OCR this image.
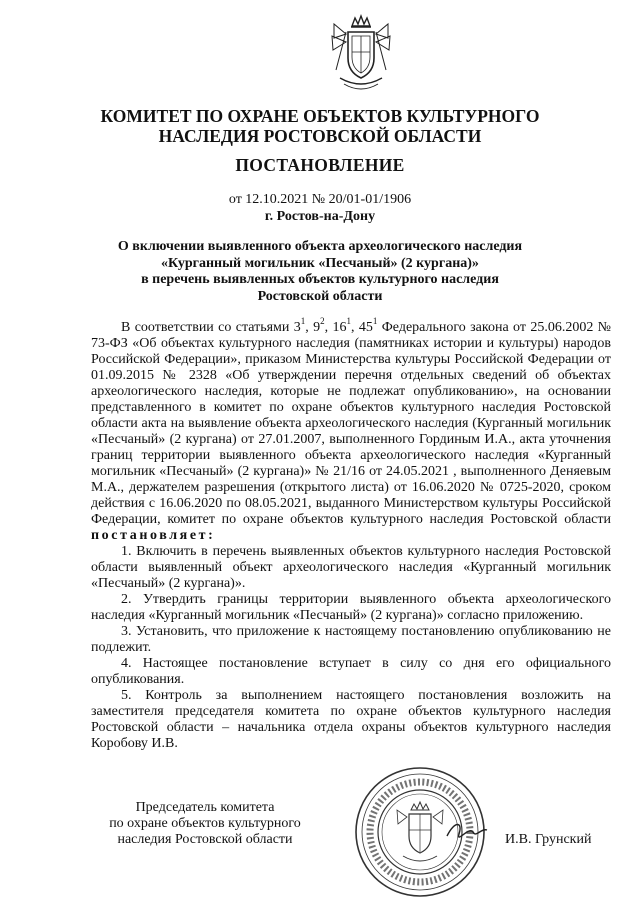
КОМИТЕТ ПО ОХРАНЕ ОБЪЕКТОВ КУЛЬТУРНОГО
НАСЛЕДИЯ РОСТОВСКОЙ ОБЛАСТИ
ПОСТАНОВЛЕНИЕ
от 12.10.2021 № 20/01-01/1906
г. Ростов-на-Дону
О включении выявленного объекта археологического наследия
«Курганный могильник «Песчаный» (2 кургана)»
в перечень выявленных объектов культурного наследия
Ростовской области

В соответствии со статьями $3^1$, $9^2$, $16^1$, $45^1$ Федерального закона от 25.06.2002 № 73-ФЗ «Об объектах культурного наследия (памятниках истории и культуры) народов Российской Федерации», приказом Министерства культуры Российской Федерации от 01.09.2015 № 2328 «Об утверждении перечня отдельных сведений об объектах археологического наследия, которые не подлежат опубликованию», на основании представленного в комитет по охране объектов культурного наследия Ростовской области акта на выявление объекта археологического наследия (Курганный могильник «Песчаный» (2 кургана) от 27.01.2007, выполненного Гординым И.А., акта уточнения границ территории выявленного объекта археологического наследия «Курганный могильник «Песчаный» (2 кургана)» № 21/16 от 24.05.2021 , выполненного Деняевым М.А., держателем разрешения (открытого листа) от 16.06.2020 № 0725-2020, сроком действия с 16.06.2020 по 08.05.2021, выданного Министерством культуры Российской Федерации, комитет по охране объектов культурного наследия Ростовской области

постановляет:

1. Включить в перечень выявленных объектов культурного наследия Ростовской области выявленный объект археологического наследия «Курганный могильник «Песчаный» (2 кургана)».

2. Утвердить границы территории выявленного объекта археологического наследия «Курганный могильник «Песчаный» (2 кургана)» согласно приложению.

3. Установить, что приложение к настоящему постановлению опубликованию не подлежит.

4. Настоящее постановление вступает в силу со дня его официального опубликования.

5. Контроль за выполнением настоящего постановления возложить на заместителя председателя комитета по охране объектов культурного наследия Ростовской области – начальника отдела охраны объектов культурного наследия Коробову И.В.

Председатель комитета
по охране объектов культурного
наследия Ростовской области	И.В. Грунский
